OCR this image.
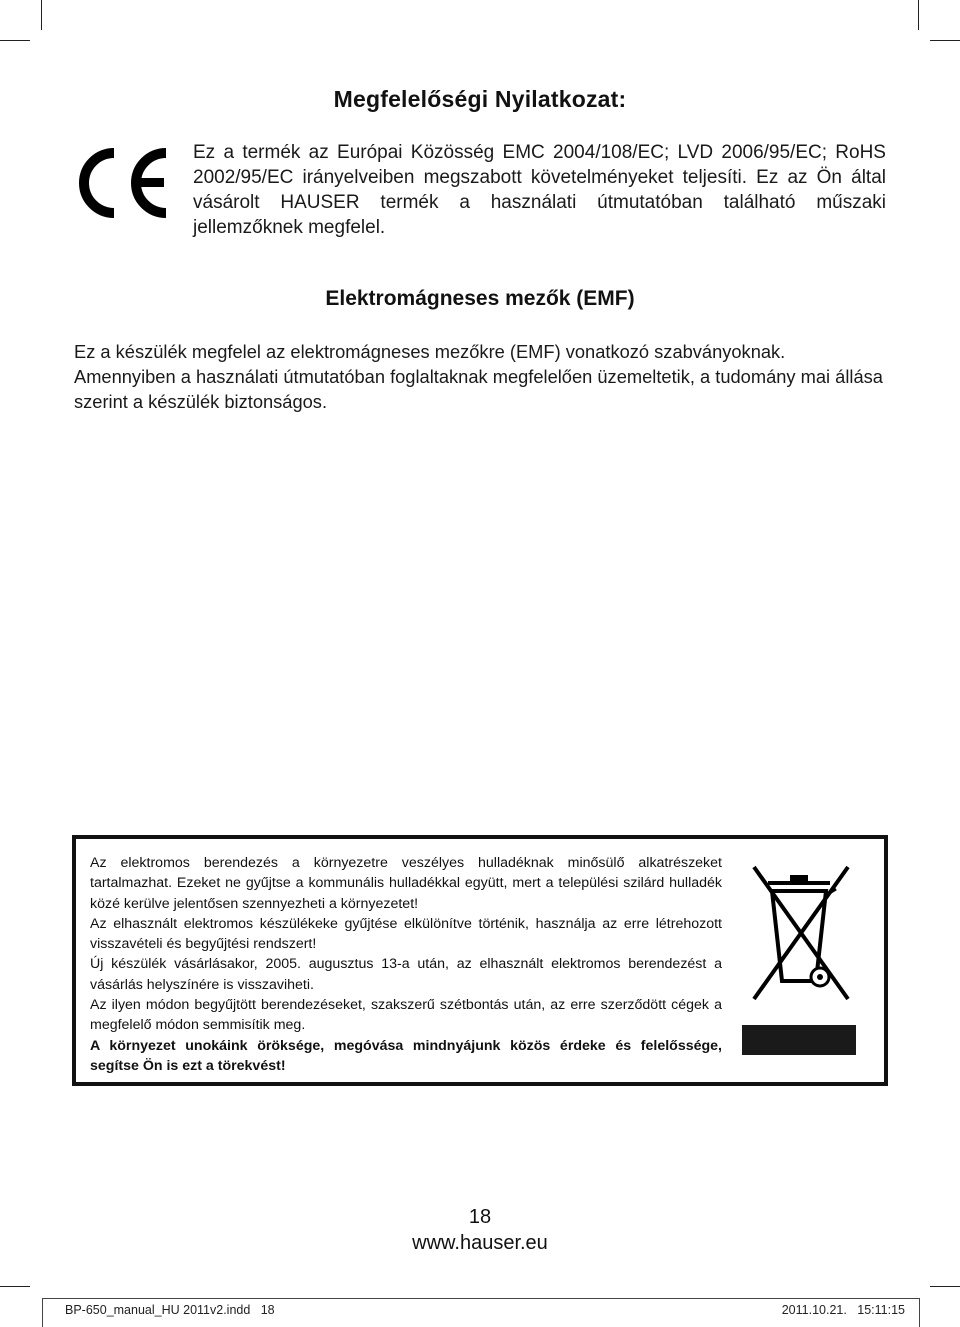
Megfelelőségi Nyilatkozat:
Ez a termék az Európai Közösség EMC 2004/108/EC; LVD 2006/95/EC; RoHS 2002/95/EC irányelveiben megszabott követelményeket teljesíti. Ez az Ön által vásárolt HAUSER termék a használati útmutatóban található műszaki jellemzőknek megfelel.
Elektromágneses mezők (EMF)
Ez a készülék megfelel az elektromágneses mezőkre (EMF) vonatkozó szabványoknak. Amennyiben a használati útmutatóban foglaltaknak megfelelően üzemeltetik, a tudomány mai állása szerint a készülék biztonságos.

Az elektromos berendezés a környezetre veszélyes hulladéknak minősülő alkatrészeket tartalmazhat. Ezeket ne gyűjtse a kommunális hulladékkal együtt, mert a települési szilárd hulladék közé kerülve jelentősen szennyezheti a környezetet!

Az elhasznált elektromos készülékeke gyűjtése elkülönítve történik, használja az erre létrehozott visszavételi és begyűjtési rendszert!

Új készülék vásárlásakor, 2005. augusztus 13-a után, az elhasznált elektromos berendezést a vásárlás helyszínére is visszaviheti.

Az ilyen módon begyűjtött berendezéseket, szakszerű szétbontás után, az erre szerződött cégek a megfelelő módon semmisítik meg.

A környezet unokáink öröksége, megóvása mindnyájunk közös érdeke és felelőssége, segítse Ön is ezt a törekvést!

18
www.hauser.eu
BP-650_manual_HU 2011v2.indd   18	2011.10.21.   15:11:15
